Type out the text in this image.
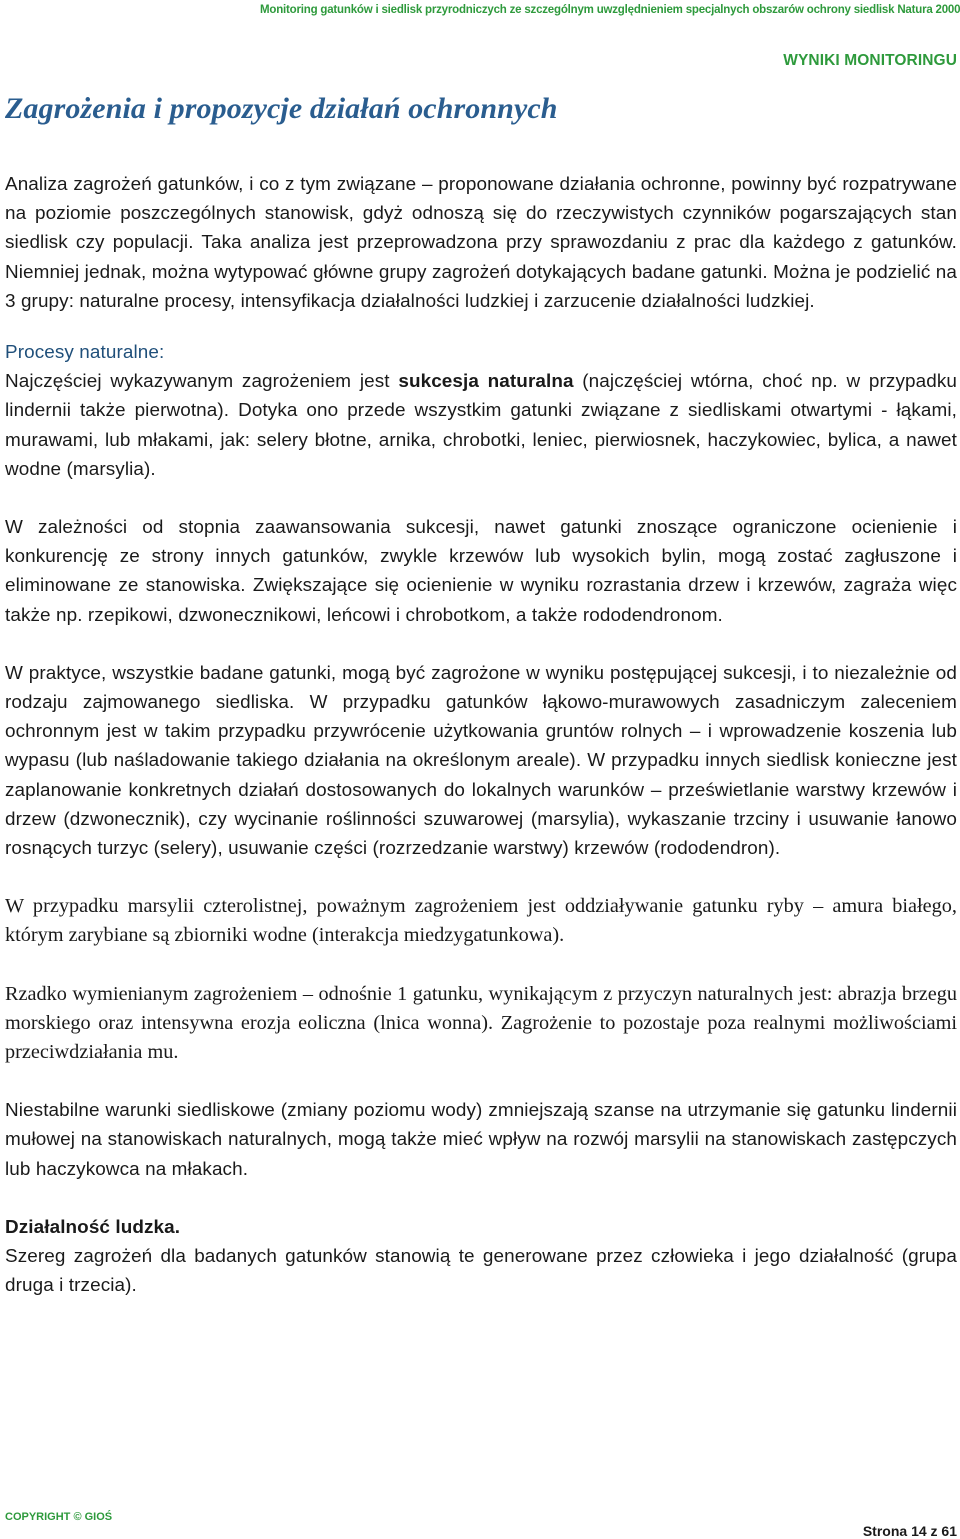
Monitoring gatunków i siedlisk przyrodniczych ze szczególnym uwzględnieniem specjalnych obszarów ochrony siedlisk Natura 2000
WYNIKI MONITORINGU
Zagrożenia i propozycje działań ochronnych

Analiza zagrożeń gatunków, i co z tym związane – proponowane działania ochronne, powinny być rozpatrywane na poziomie poszczególnych stanowisk, gdyż odnoszą się do rzeczywistych czynników pogarszających stan siedlisk czy populacji. Taka analiza jest przeprowadzona przy sprawozdaniu z prac dla każdego z gatunków. Niemniej jednak, można wytypować główne grupy zagrożeń dotykających badane gatunki. Można je podzielić na 3 grupy: naturalne procesy, intensyfikacja działalności ludzkiej i zarzucenie działalności ludzkiej.

Procesy naturalne:

Najczęściej wykazywanym zagrożeniem jest sukcesja naturalna (najczęściej wtórna, choć np. w przypadku lindernii także pierwotna). Dotyka ono przede wszystkim gatunki związane z siedliskami otwartymi - łąkami, murawami, lub młakami, jak: selery błotne, arnika, chrobotki, leniec, pierwiosnek, haczykowiec, bylica, a nawet wodne (marsylia).

W zależności od stopnia zaawansowania sukcesji, nawet gatunki znoszące ograniczone ocienienie i konkurencję ze strony innych gatunków, zwykle krzewów lub wysokich bylin, mogą zostać zagłuszone i eliminowane ze stanowiska. Zwiększające się ocienienie w wyniku rozrastania drzew i krzewów, zagraża więc także np. rzepikowi, dzwonecznikowi, leńcowi i chrobotkom, a także rododendronom.

W praktyce, wszystkie badane gatunki, mogą być zagrożone w wyniku postępującej sukcesji, i to niezależnie od rodzaju zajmowanego siedliska. W przypadku gatunków łąkowo-murawowych zasadniczym zaleceniem ochronnym jest w takim przypadku przywrócenie użytkowania gruntów rolnych – i wprowadzenie koszenia lub wypasu (lub naśladowanie takiego działania na określonym areale). W przypadku innych siedlisk konieczne jest zaplanowanie konkretnych działań dostosowanych do lokalnych warunków – prześwietlanie warstwy krzewów i drzew (dzwonecznik), czy wycinanie roślinności szuwarowej (marsylia), wykaszanie trzciny i usuwanie łanowo rosnących turzyc (selery), usuwanie części (rozrzedzanie warstwy) krzewów (rododendron).

W przypadku marsylii czterolistnej, poważnym zagrożeniem jest oddziaływanie gatunku ryby – amura białego, którym zarybiane są zbiorniki wodne (interakcja miedzygatunkowa).

Rzadko wymienianym zagrożeniem – odnośnie 1 gatunku, wynikającym z przyczyn naturalnych jest: abrazja brzegu morskiego oraz intensywna erozja eoliczna (lnica wonna). Zagrożenie to pozostaje poza realnymi możliwościami przeciwdziałania mu.

Niestabilne warunki siedliskowe (zmiany poziomu wody) zmniejszają szanse na utrzymanie się gatunku lindernii mułowej na stanowiskach naturalnych, mogą także mieć wpływ na rozwój marsylii na stanowiskach zastępczych lub haczykowca na młakach.

Działalność ludzka.

Szereg zagrożeń dla badanych gatunków stanowią te generowane przez człowieka i jego działalność (grupa druga i trzecia).

COPYRIGHT © GIOŚ
Strona 14 z 61
